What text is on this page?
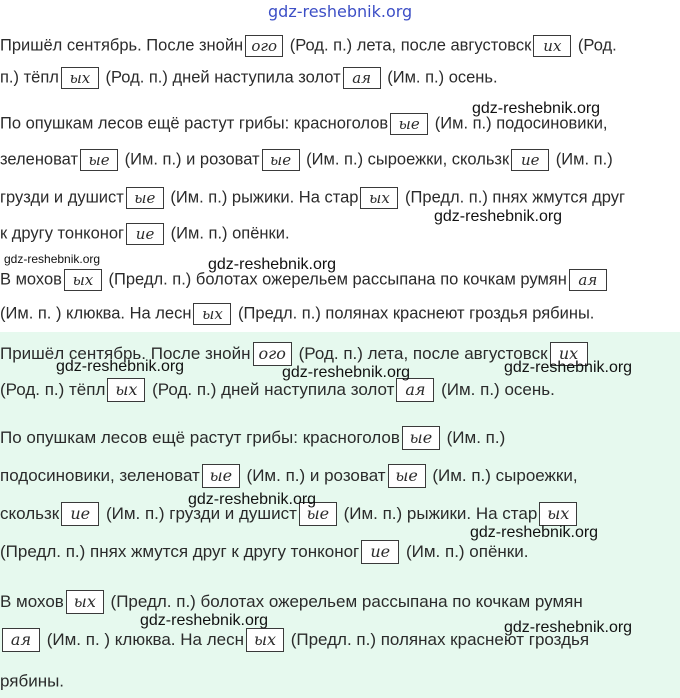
gdz-reshebnik.org
Пришёл сентябрь. После знойн ого (Род. п.) лета, после августовск их (Род.
п.) тёпл ых (Род. п.) дней наступила золот ая (Им. п.) осень.
По опушкам лесов ещё растут грибы: красноголов ые (Им. п.) подосиновики,
зеленоват ые (Им. п.) и розоват ые (Им. п.) сыроежки, скользк ие (Им. п.)
грузди и душист ые (Им. п.) рыжики. На стар ых (Предл. п.) пнях жмутся друг
к другу тонконог ие (Им. п.) опёнки.
В мохов ых (Предл. п.) болотах ожерельем рассыпана по кочкам румян ая
(Им. п. ) клюква. На лесн ых (Предл. п.) полянах краснеют гроздья рябины.
Пришёл сентябрь. После знойн ого (Род. п.) лета, после августовск их
(Род. п.) тёпл ых (Род. п.) дней наступила золот ая (Им. п.) осень.
По опушкам лесов ещё растут грибы: красноголов ые (Им. п.)
подосиновики, зеленоват ые (Им. п.) и розоват ые (Им. п.) сыроежки,
скользк ие (Им. п.) грузди и душист ые (Им. п.) рыжики. На стар ых
(Предл. п.) пнях жмутся друг к другу тонконог ие (Им. п.) опёнки.
В мохов ых (Предл. п.) болотах ожерельем рассыпана по кочкам румян
ая (Им. п. ) клюква. На лесн ых (Предл. п.) полянах краснеют гроздья
рябины.
gdz-reshebnik.org
gdz-reshebnik.org
gdz-reshebnik.org	gdz-reshebnik.org
gdz-reshebnik.org	gdz-reshebnik.org	gdz-reshebnik.org
gdz-reshebnik.org
gdz-reshebnik.org
gdz-reshebnik.org	gdz-reshebnik.org
